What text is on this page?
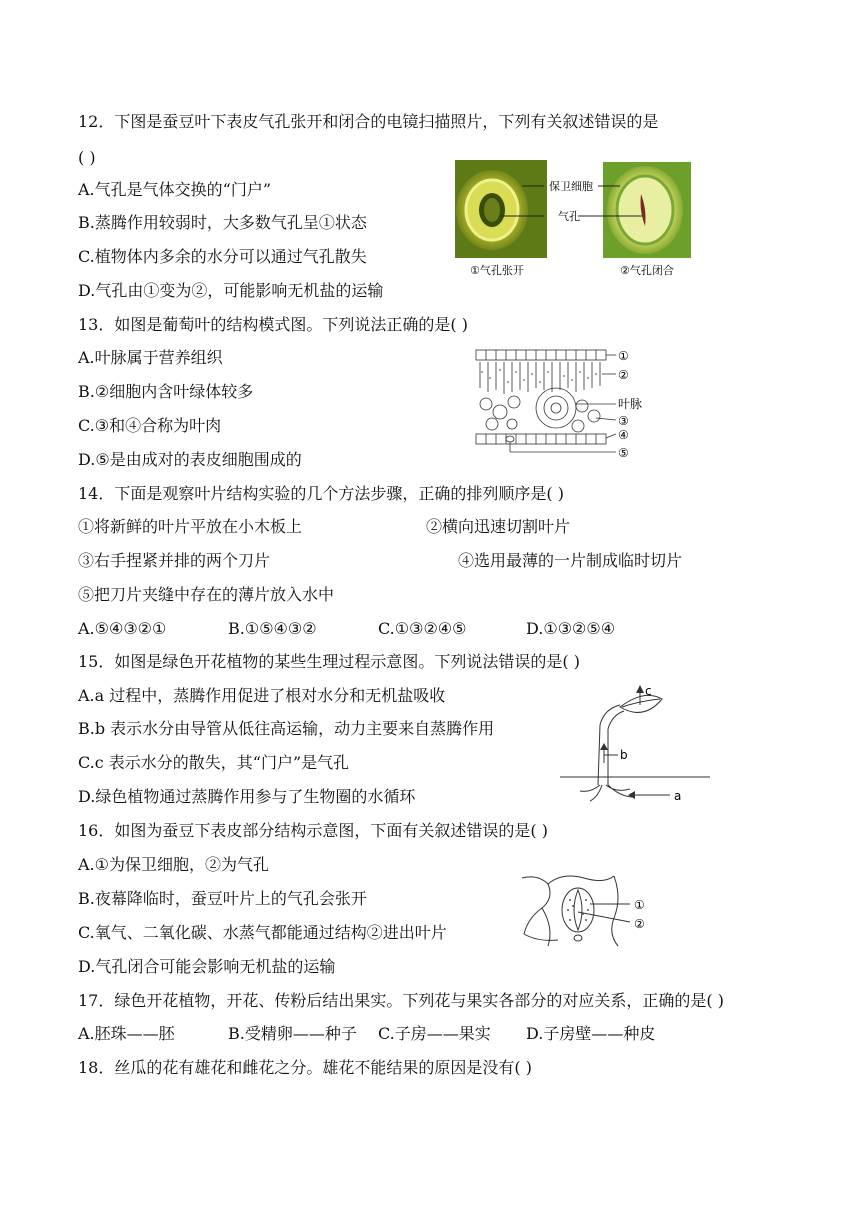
12．下图是蚕豆叶下表皮气孔张开和闭合的电镜扫描照片，下列有关叙述错误的是
( )
A.气孔是气体交换的“门户”
B.蒸腾作用较弱时，大多数气孔呈①状态
C.植物体内多余的水分可以通过气孔散失
D.气孔由①变为②，可能影响无机盐的运输
保卫细胞
气孔
①气孔张开	②气孔闭合
13．如图是葡萄叶的结构模式图。下列说法正确的是( )
A.叶脉属于营养组织
B.②细胞内含叶绿体较多
C.③和④合称为叶肉
D.⑤是由成对的表皮细胞围成的
①
②
叶脉
③
④
⑤
14．下面是观察叶片结构实验的几个方法步骤，正确的排列顺序是( )
①将新鲜的叶片平放在小木板上	②横向迅速切割叶片
③右手捏紧并排的两个刀片	④选用最薄的一片制成临时切片
⑤把刀片夹缝中存在的薄片放入水中
A.⑤④③②①	B.①⑤④③②	C.①③②④⑤	D.①③②⑤④
15．如图是绿色开花植物的某些生理过程示意图。下列说法错误的是( )
A.a 过程中，蒸腾作用促进了根对水分和无机盐吸收
B.b 表示水分由导管从低往高运输，动力主要来自蒸腾作用
C.c 表示水分的散失，其“门户”是气孔
D.绿色植物通过蒸腾作用参与了生物圈的水循环
c
b
a
16．如图为蚕豆下表皮部分结构示意图，下面有关叙述错误的是( )
A.①为保卫细胞，②为气孔
B.夜幕降临时，蚕豆叶片上的气孔会张开
C.氧气、二氧化碳、水蒸气都能通过结构②进出叶片
D.气孔闭合可能会影响无机盐的运输
①
②
17．绿色开花植物，开花、传粉后结出果实。下列花与果实各部分的对应关系，正确的是( )
A.胚珠——胚	B.受精卵——种子 C.子房——果实 D.子房壁——种皮
18．丝瓜的花有雄花和雌花之分。雄花不能结果的原因是没有( )
